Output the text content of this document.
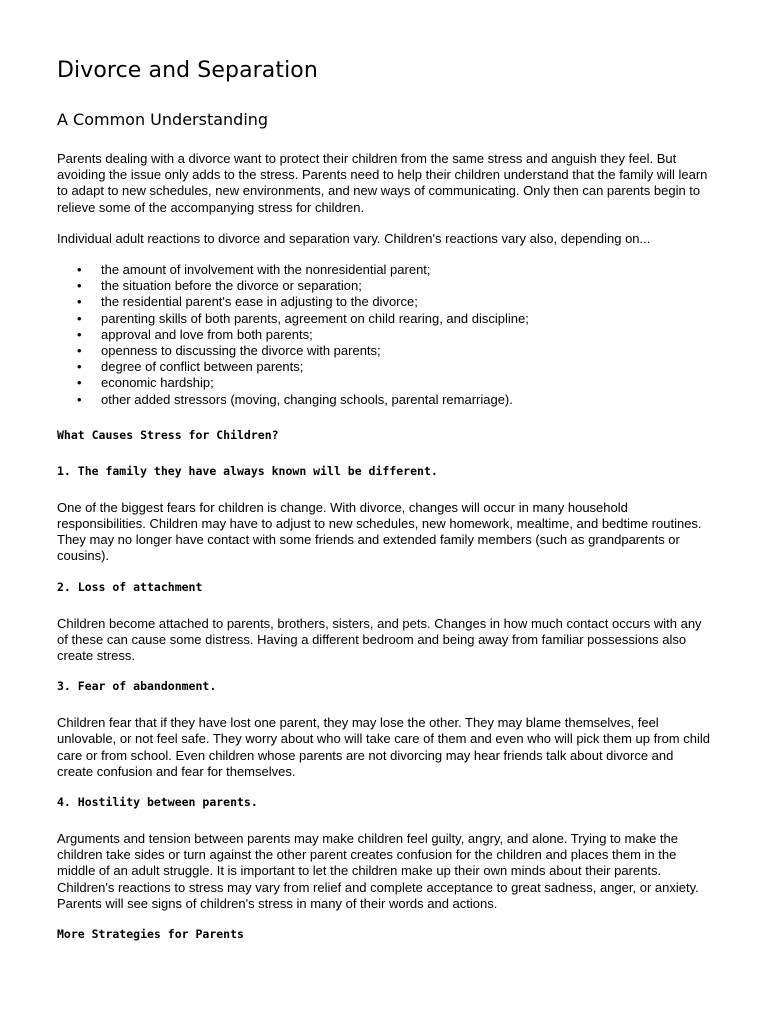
Divorce and Separation
A Common Understanding

Parents dealing with a divorce want to protect their children from the same stress and anguish they feel. But avoiding the issue only adds to the stress. Parents need to help their children understand that the family will learn to adapt to new schedules, new environments, and new ways of communicating. Only then can parents begin to relieve some of the accompanying stress for children.

Individual adult reactions to divorce and separation vary. Children's reactions vary also, depending on...

• the amount of involvement with the nonresidential parent;
• the situation before the divorce or separation;
• the residential parent's ease in adjusting to the divorce;
• parenting skills of both parents, agreement on child rearing, and discipline;
• approval and love from both parents;
• openness to discussing the divorce with parents;
• degree of conflict between parents;
• economic hardship;
• other added stressors (moving, changing schools, parental remarriage).
What Causes Stress for Children?
1. The family they have always known will be different.

One of the biggest fears for children is change. With divorce, changes will occur in many household responsibilities. Children may have to adjust to new schedules, new homework, mealtime, and bedtime routines. They may no longer have contact with some friends and extended family members (such as grandparents or cousins).

2. Loss of attachment

Children become attached to parents, brothers, sisters, and pets. Changes in how much contact occurs with any of these can cause some distress. Having a different bedroom and being away from familiar possessions also create stress.

3. Fear of abandonment.

Children fear that if they have lost one parent, they may lose the other. They may blame themselves, feel unlovable, or not feel safe. They worry about who will take care of them and even who will pick them up from child care or from school. Even children whose parents are not divorcing may hear friends talk about divorce and create confusion and fear for themselves.

4. Hostility between parents.

Arguments and tension between parents may make children feel guilty, angry, and alone. Trying to make the children take sides or turn against the other parent creates confusion for the children and places them in the middle of an adult struggle. It is important to let the children make up their own minds about their parents. Children's reactions to stress may vary from relief and complete acceptance to great sadness, anger, or anxiety. Parents will see signs of children's stress in many of their words and actions.

More Strategies for Parents
